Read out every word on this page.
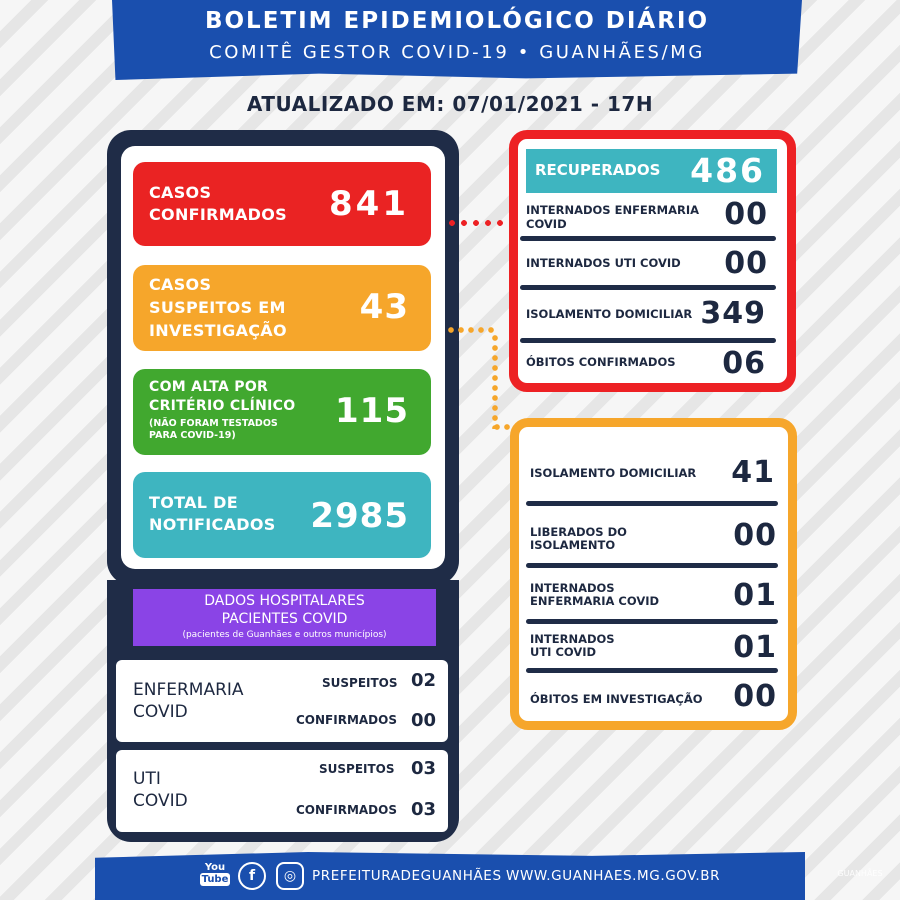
BOLETIM EPIDEMIOLÓGICO DIÁRIO
COMITÊ GESTOR COVID-19 • GUANHÃES/MG
ATUALIZADO EM: 07/01/2021 - 17H
CASOS
CONFIRMADOS 841
CASOS
SUSPEITOS EM 43
INVESTIGAÇÃO
COM ALTA POR
CRITÉRIO CLÍNICO
(NÃO FORAM TESTADOS
PARA COVID-19)
115
TOTAL DE
NOTIFICADOS 2985
DADOS HOSPITALARES
PACIENTES COVID
(pacientes de Guanhães e outros municípios)
ENFERMARIA
COVID
SUSPEITOS 02
CONFIRMADOS 00
UTI
COVID
SUSPEITOS 03
CONFIRMADOS 03
RECUPERADOS 486
INTERNADOS ENFERMARIA
COVID	00
INTERNADOS UTI COVID 00
ISOLAMENTO DOMICILIAR 349
ÓBITOS CONFIRMADOS 06
ISOLAMENTO DOMICILIAR 41
LIBERADOS DO
ISOLAMENTO	00
INTERNADOS
ENFERMARIA COVID 01
INTERNADOS
UTI COVID	01
ÓBITOS EM INVESTIGAÇÃO 00
You
Tube	f	◎	PREFEITURADEGUANHÃES WWW.GUANHAES.MG.GOV.BR	GUANHÃES
